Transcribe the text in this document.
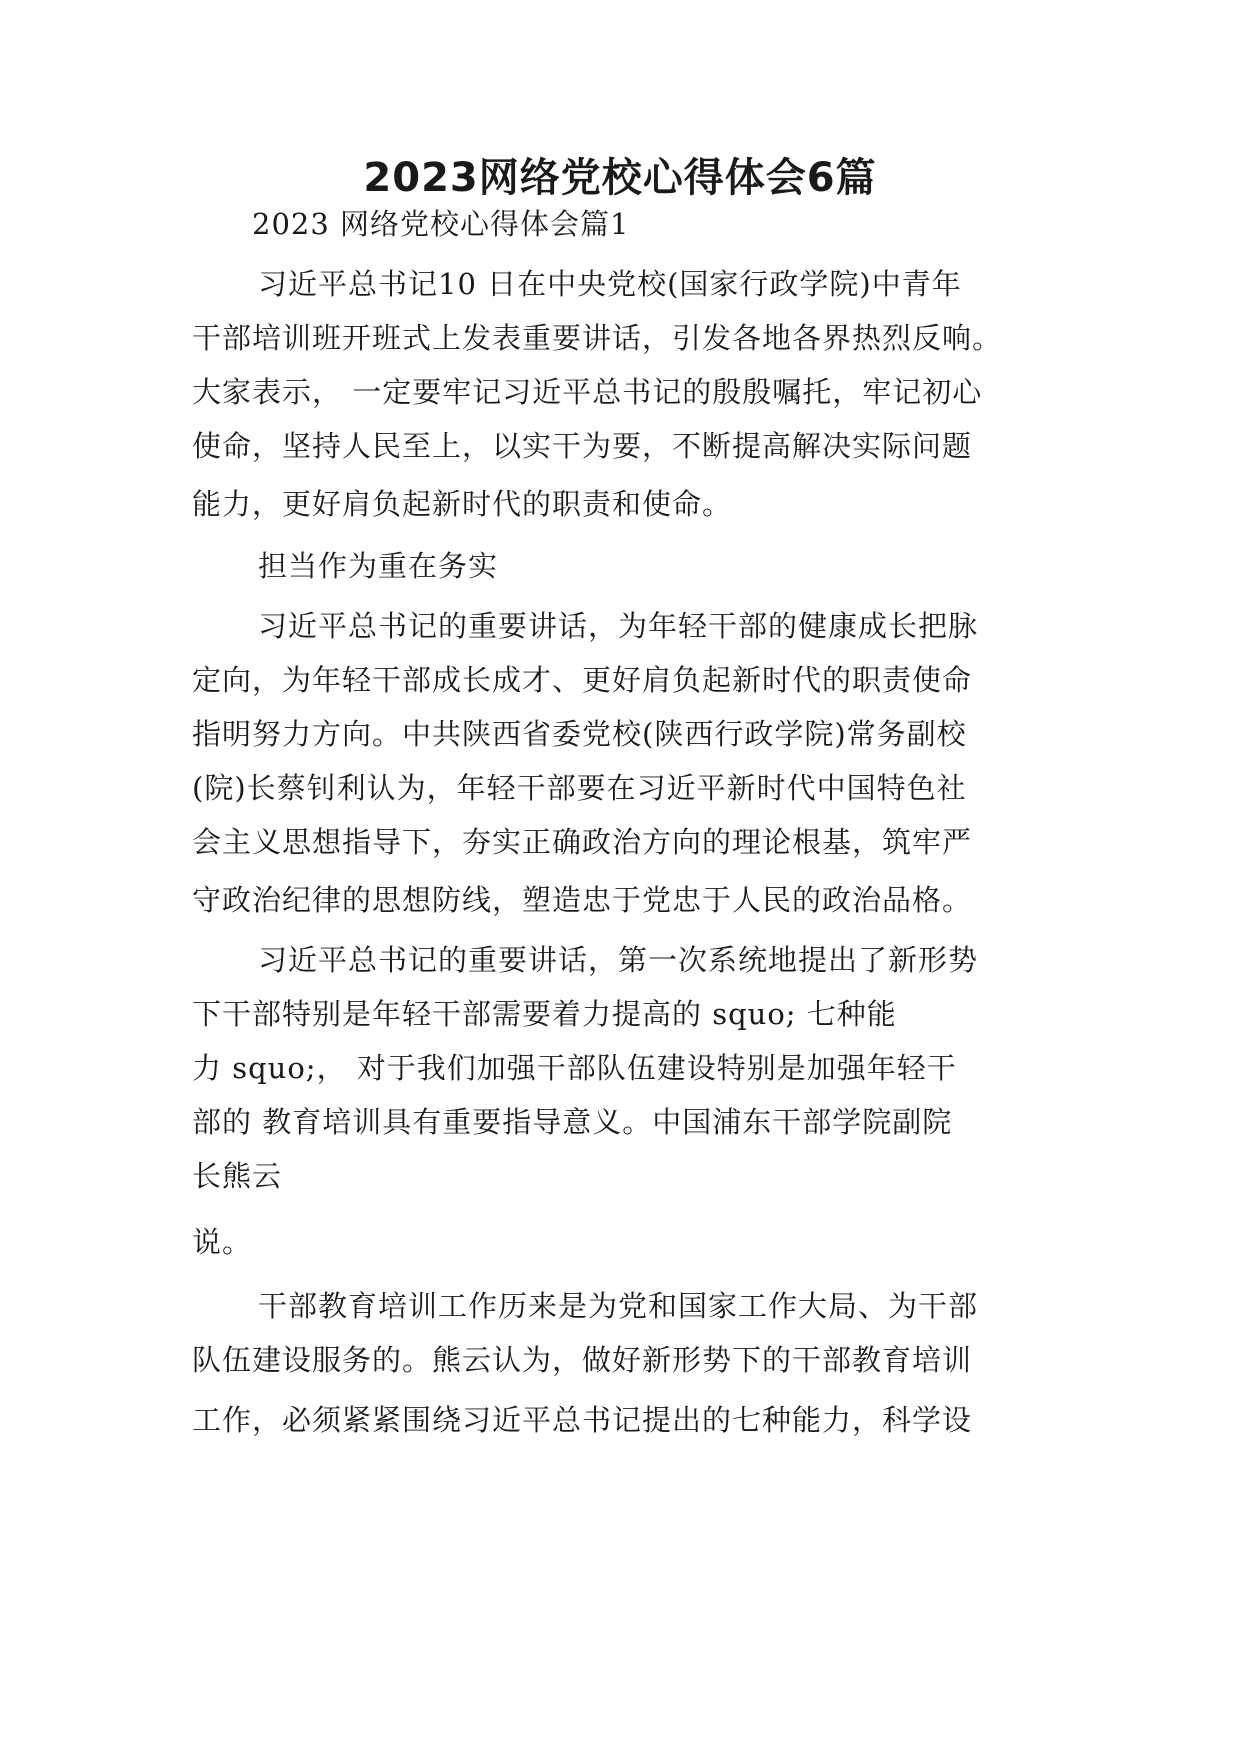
2023网络党校心得体会6篇

2023 网络党校心得体会篇1

习近平总书记10 日在中央党校(国家行政学院)中青年

干部培训班开班式上发表重要讲话，引发各地各界热烈反响。

大家表示， 一定要牢记习近平总书记的殷殷嘱托，牢记初心

使命，坚持人民至上，以实干为要，不断提高解决实际问题

能力，更好肩负起新时代的职责和使命。

担当作为重在务实

习近平总书记的重要讲话，为年轻干部的健康成长把脉

定向，为年轻干部成长成才、更好肩负起新时代的职责使命

指明努力方向。中共陕西省委党校(陕西行政学院)常务副校

(院)长蔡钊利认为，年轻干部要在习近平新时代中国特色社

会主义思想指导下，夯实正确政治方向的理论根基，筑牢严

守政治纪律的思想防线，塑造忠于党忠于人民的政治品格。

习近平总书记的重要讲话，第一次系统地提出了新形势

下干部特别是年轻干部需要着力提高的 squo; 七种能

力 squo;， 对于我们加强干部队伍建设特别是加强年轻干

部的 教育培训具有重要指导意义。中国浦东干部学院副院

长熊云

说。

干部教育培训工作历来是为党和国家工作大局、为干部

队伍建设服务的。熊云认为，做好新形势下的干部教育培训

工作，必须紧紧围绕习近平总书记提出的七种能力，科学设
